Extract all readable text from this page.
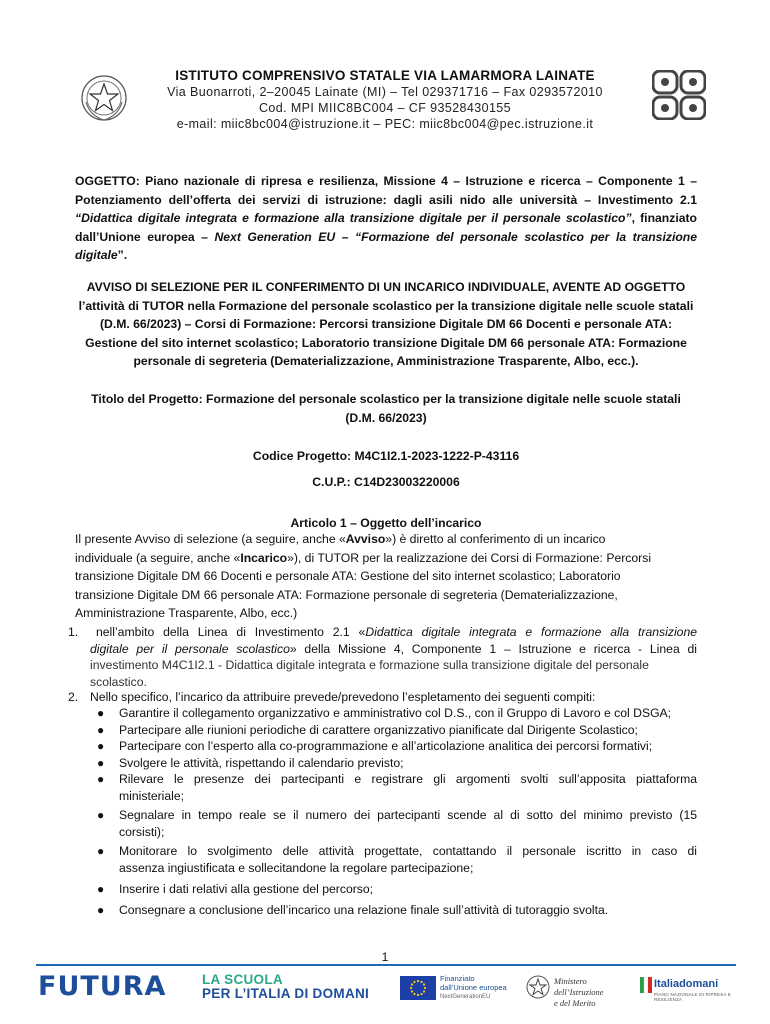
ISTITUTO COMPRENSIVO STATALE VIA LAMARMORA LAINATE
Via Buonarroti, 2–20045 Lainate (MI) – Tel 029371716 – Fax 0293572010
Cod. MPI MIIC8BC004 – CF 93528430155
e-mail: miic8bc004@istruzione.it – PEC: miic8bc004@pec.istruzione.it

OGGETTO: Piano nazionale di ripresa e resilienza, Missione 4 – Istruzione e ricerca – Componente 1 –

Potenziamento dell’offerta dei servizi di istruzione: dagli asili nido alle università – Investimento 2.1

“Didattica digitale integrata e formazione alla transizione digitale per il personale scolastico”, finanziato

dall’Unione europea – Next Generation EU – “Formazione del personale scolastico per la transizione

digitale”.

AVVISO DI SELEZIONE PER IL CONFERIMENTO DI UN INCARICO INDIVIDUALE, AVENTE AD OGGETTO

l’attività di TUTOR nella Formazione del personale scolastico per la transizione digitale nelle scuole statali

(D.M. 66/2023) – Corsi di Formazione: Percorsi transizione Digitale DM 66 Docenti e personale ATA:

Gestione del sito internet scolastico; Laboratorio transizione Digitale DM 66 personale ATA: Formazione

personale di segreteria (Dematerializzazione, Amministrazione Trasparente, Albo, ecc.).

Titolo del Progetto: Formazione del personale scolastico per la transizione digitale nelle scuole statali

(D.M. 66/2023)

Codice Progetto: M4C1I2.1-2023-1222-P-43116
C.U.P.: C14D23003220006
Articolo 1 – Oggetto dell’incarico

Il presente Avviso di selezione (a seguire, anche «Avviso») è diretto al conferimento di un incarico

individuale (a seguire, anche «Incarico»), di TUTOR per la realizzazione dei Corsi di Formazione: Percorsi

transizione Digitale DM 66 Docenti e personale ATA: Gestione del sito internet scolastico; Laboratorio

transizione Digitale DM 66 personale ATA: Formazione personale di segreteria (Dematerializzazione,

Amministrazione Trasparente, Albo, ecc.)

1.	nell’ambito della Linea di Investimento 2.1 «Didattica digitale integrata e formazione alla transizione

digitale per il personale scolastico» della Missione 4, Componente 1 – Istruzione e ricerca - Linea di

investimento M4C1I2.1 - Didattica digitale integrata e formazione sulla transizione digitale del personale

scolastico.

2. Nello specifico, l’incarico da attribuire prevede/prevedono l’espletamento dei seguenti compiti:

● Garantire il collegamento organizzativo e amministrativo col D.S., con il Gruppo di Lavoro e col DSGA;
● Partecipare alle riunioni periodiche di carattere organizzativo pianificate dal Dirigente Scolastico;
● Partecipare con l’esperto alla co-programmazione e all’articolazione analitica dei percorsi formativi;
● Svolgere le attività, rispettando il calendario previsto;
● Rilevare le presenze dei partecipanti e registrare gli argomenti svolti sull’apposita piattaforma
ministeriale;
● Segnalare in tempo reale se il numero dei partecipanti scende al di sotto del minimo previsto (15
corsisti);
● Monitorare lo svolgimento delle attività progettate, contattando il personale iscritto in caso di
assenza ingiustificata e sollecitandone la regolare partecipazione;
● Inserire i dati relativi alla gestione del percorso;
● Consegnare a conclusione dell’incarico una relazione finale sull’attività di tutoraggio svolta.
1
FUTURA	LA SCUOLA
PER L’ITALIA DI DOMANI
Finanziato
dall’Unione europea
NextGenerationEU
Ministero dell’Istruzione
e del Merito
Italiadomani
PIANO NAZIONALE DI RIPRESA E RESILIENZA
